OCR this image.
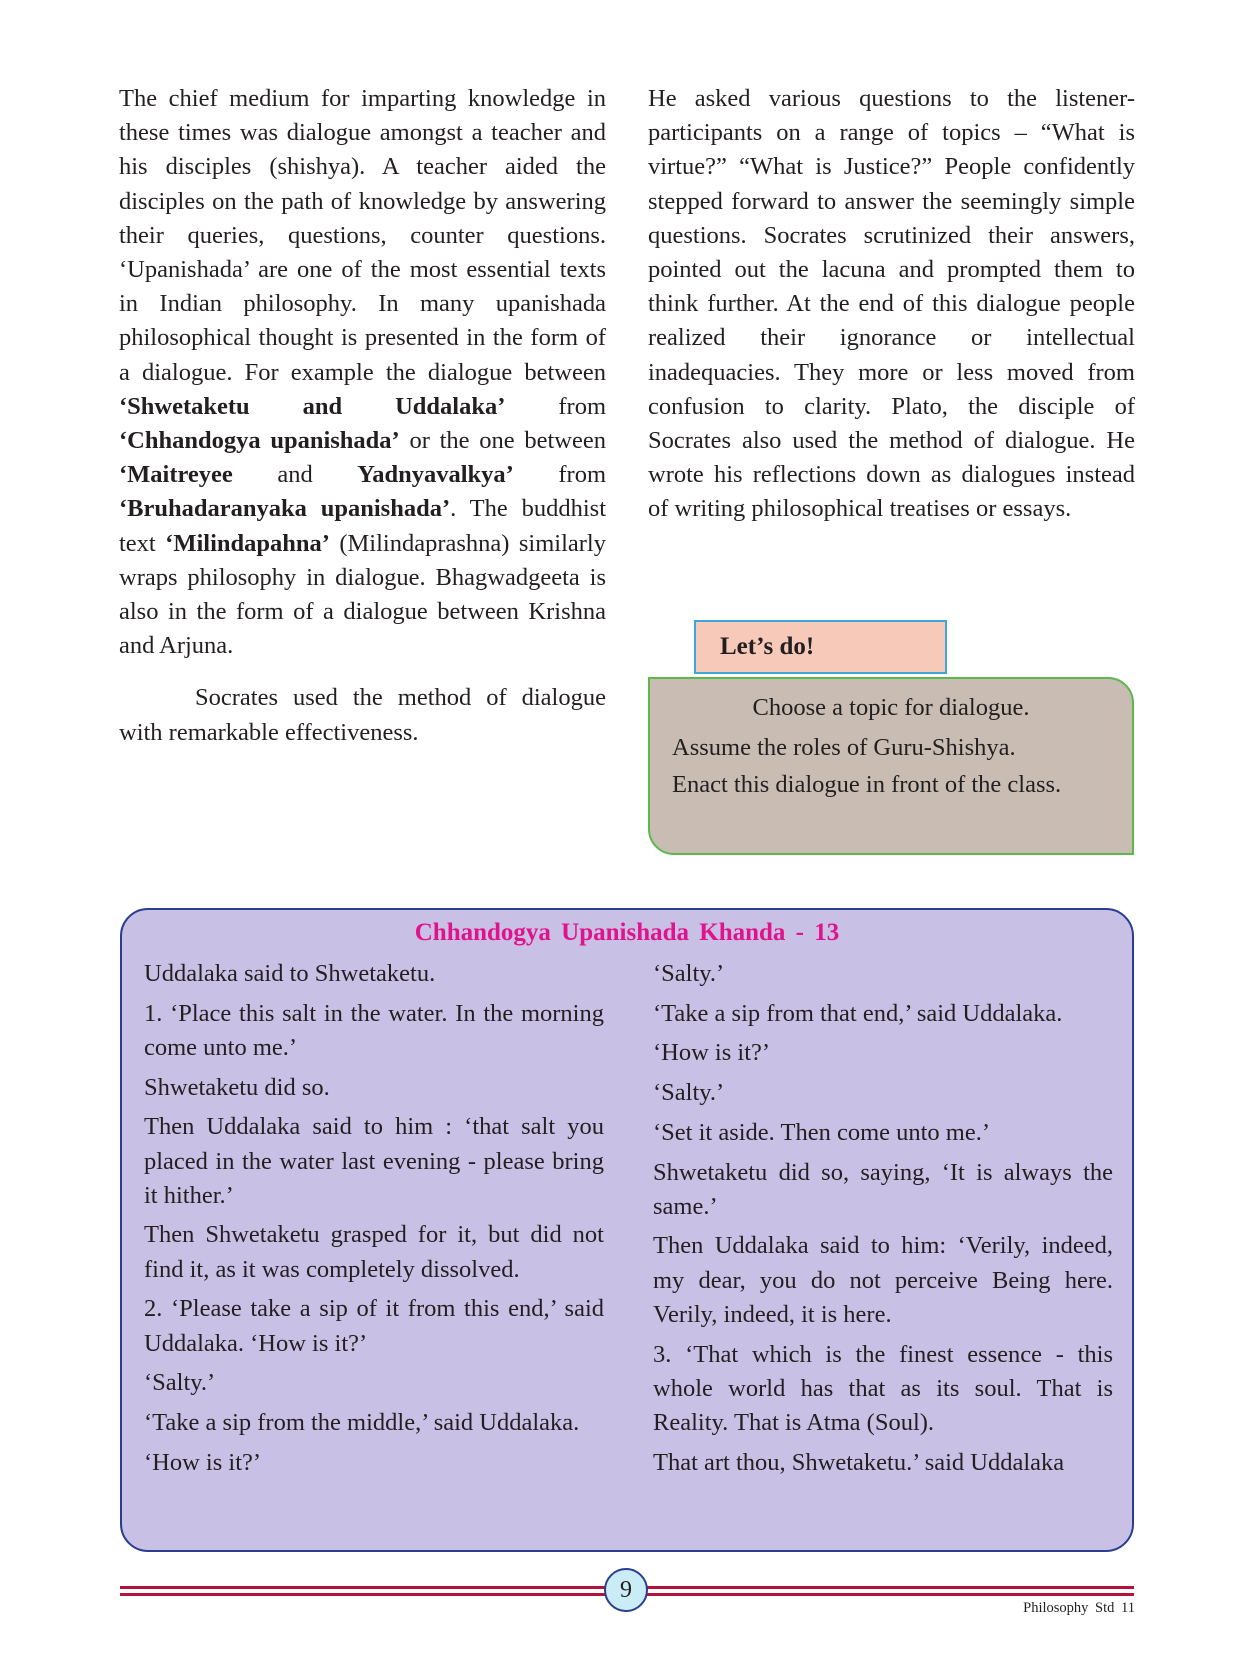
The chief medium for imparting knowledge in these times was dialogue amongst a teacher and his disciples (shishya). A teacher aided the disciples on the path of knowledge by answering their queries, questions, counter questions. ‘Upanishada’ are one of the most essential texts in Indian philosophy. In many upanishada philosophical thought is presented in the form of a dialogue. For example the dialogue between ‘Shwetaketu and Uddalaka’ from ‘Chhandogya upanishada’ or the one between ‘Maitreyee and Yadnyavalkya’ from ‘Bruhadaranyaka upanishada’. The buddhist text ‘Milindapahna’ (Milindaprashna) similarly wraps philosophy in dialogue. Bhagwadgeeta is also in the form of a dialogue between Krishna and Arjuna.

Socrates used the method of dialogue with remarkable effectiveness.

He asked various questions to the listener-participants on a range of topics – “What is virtue?” “What is Justice?” People confidently stepped forward to answer the seemingly simple questions. Socrates scrutinized their answers, pointed out the lacuna and prompted them to think further. At the end of this dialogue people realized their ignorance or intellectual inadequacies. They more or less moved from confusion to clarity. Plato, the disciple of Socrates also used the method of dialogue. He wrote his reflections down as dialogues instead of writing philosophical treatises or essays.

Let’s do!

Choose a topic for dialogue.

Assume the roles of Guru-Shishya.

Enact this dialogue in front of the class.

Chhandogya Upanishada Khanda - 13

Uddalaka said to Shwetaketu.

1. ‘Place this salt in the water. In the morning come unto me.’

Shwetaketu did so.

Then Uddalaka said to him : ‘that salt you placed in the water last evening - please bring it hither.’

Then Shwetaketu grasped for it, but did not find it, as it was completely dissolved.

2. ‘Please take a sip of it from this end,’ said Uddalaka. ‘How is it?’

‘Salty.’

‘Take a sip from the middle,’ said Uddalaka.

‘How is it?’

‘Salty.’

‘Take a sip from that end,’ said Uddalaka.

‘How is it?’

‘Salty.’

‘Set it aside. Then come unto me.’

Shwetaketu did so, saying, ‘It is always the same.’

Then Uddalaka said to him: ‘Verily, indeed, my dear, you do not perceive Being here. Verily, indeed, it is here.

3. ‘That which is the finest essence - this whole world has that as its soul. That is Reality. That is Atma (Soul).

That art thou, Shwetaketu.’ said Uddalaka

9
Philosophy Std 11
